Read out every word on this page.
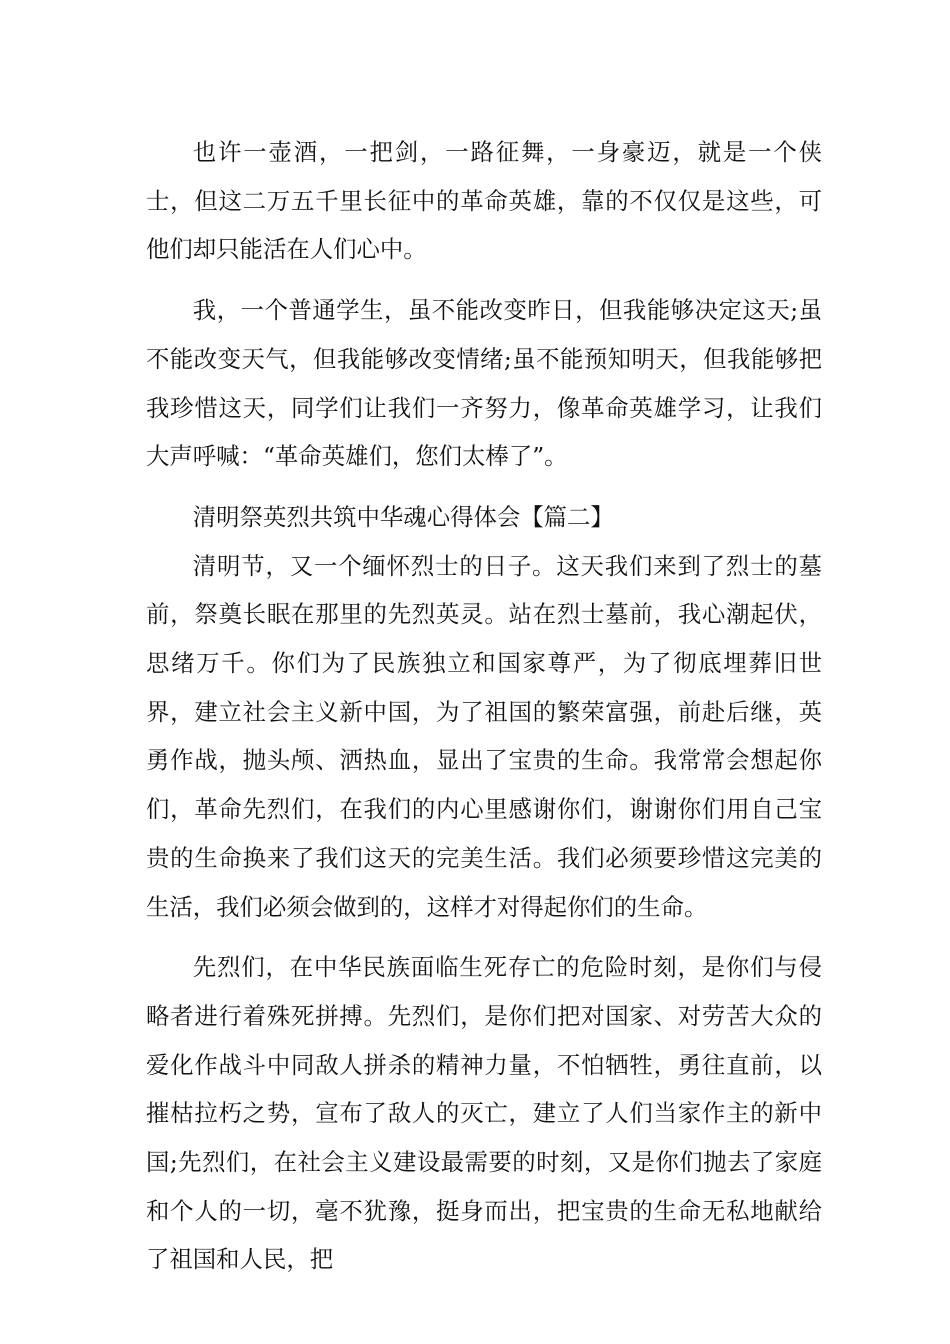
也许一壶酒，一把剑，一路征舞，一身豪迈，就是一个侠士，但这二万五千里长征中的革命英雄，靠的不仅仅是这些，可他们却只能活在人们心中。

我，一个普通学生，虽不能改变昨日，但我能够决定这天;虽不能改变天气，但我能够改变情绪;虽不能预知明天，但我能够把我珍惜这天，同学们让我们一齐努力，像革命英雄学习，让我们大声呼喊：“革命英雄们，您们太棒了”。

清明祭英烈共筑中华魂心得体会【篇二】

清明节，又一个缅怀烈士的日子。这天我们来到了烈士的墓前，祭奠长眠在那里的先烈英灵。站在烈士墓前，我心潮起伏，思绪万千。你们为了民族独立和国家尊严，为了彻底埋葬旧世界，建立社会主义新中国，为了祖国的繁荣富强，前赴后继，英勇作战，抛头颅、洒热血，显出了宝贵的生命。我常常会想起你们，革命先烈们，在我们的内心里感谢你们，谢谢你们用自己宝贵的生命换来了我们这天的完美生活。我们必须要珍惜这完美的生活，我们必须会做到的，这样才对得起你们的生命。

先烈们，在中华民族面临生死存亡的危险时刻，是你们与侵略者进行着殊死拼搏。先烈们，是你们把对国家、对劳苦大众的爱化作战斗中同敌人拼杀的精神力量，不怕牺牲，勇往直前，以摧枯拉朽之势，宣布了敌人的灭亡，建立了人们当家作主的新中国;先烈们，在社会主义建设最需要的时刻，又是你们抛去了家庭和个人的一切，毫不犹豫，挺身而出，把宝贵的生命无私地献给了祖国和人民，把
